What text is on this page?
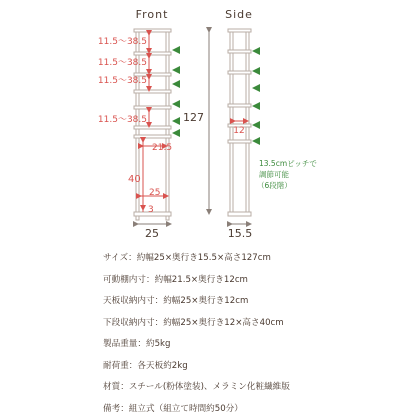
Front
11.5～38.5
11.5～38.5
11.5～38.5
11.5～38.5
21.5
40
25
3
25
Side
127
12
13.5cmピッチで
調節可能
（6段階）
15.5
サイズ：約幅25×奥行き15.5×高さ127cm
可動棚内寸：約幅21.5×奥行き12cm
天板収納内寸：約幅25×奥行き12cm
下段収納内寸：約幅25×奥行き12×高さ40cm
製品重量：約5kg
耐荷重：各天板約2kg
材質：スチール(粉体塗装)、メラミン化粧繊維版
備考：組立式（組立て時間約50分）
